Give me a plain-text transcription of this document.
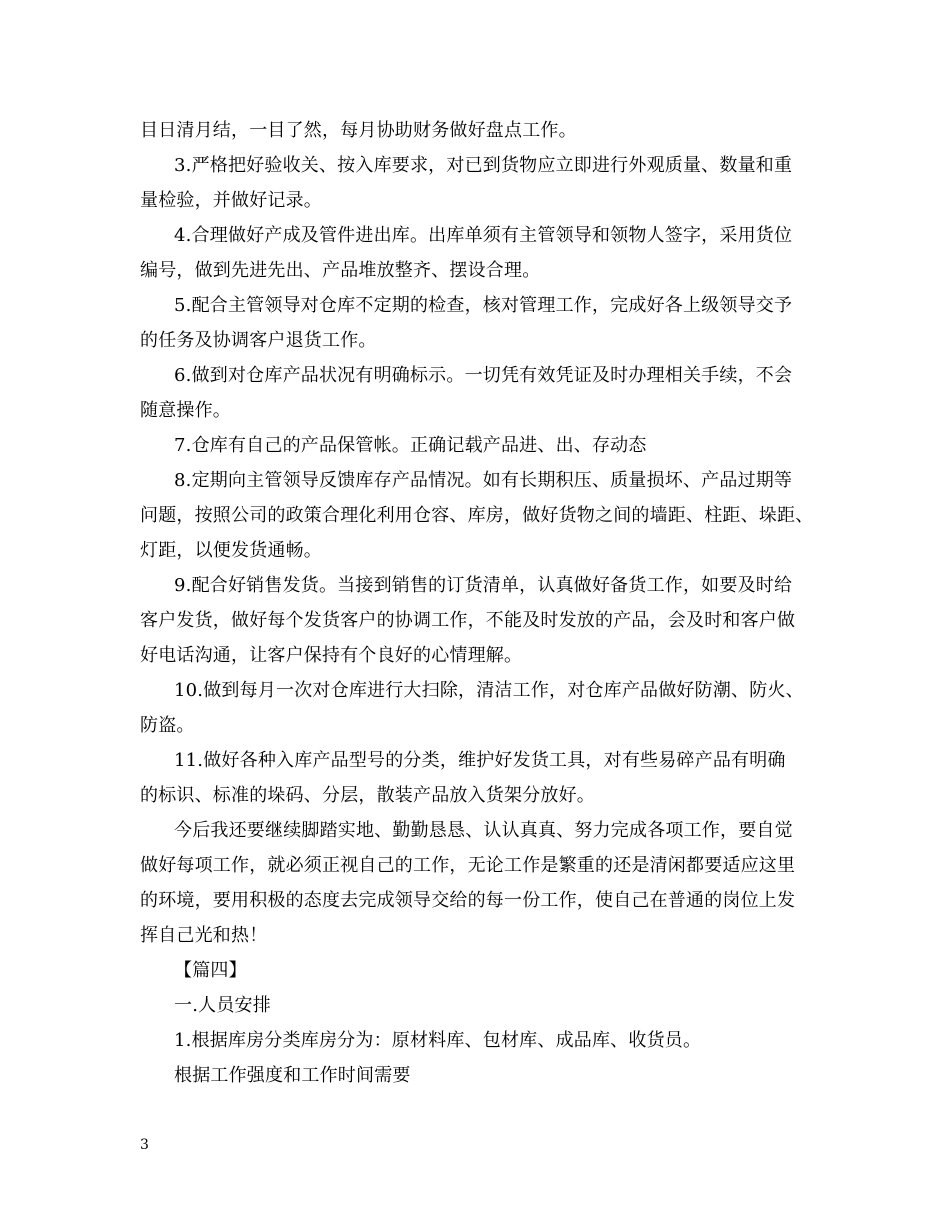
目日清月结，一目了然，每月协助财务做好盘点工作。
3.严格把好验收关、按入库要求，对已到货物应立即进行外观质量、数量和重
量检验，并做好记录。
4.合理做好产成及管件进出库。出库单须有主管领导和领物人签字，采用货位
编号，做到先进先出、产品堆放整齐、摆设合理。
5.配合主管领导对仓库不定期的检查，核对管理工作，完成好各上级领导交予
的任务及协调客户退货工作。
6.做到对仓库产品状况有明确标示。一切凭有效凭证及时办理相关手续，不会
随意操作。
7.仓库有自己的产品保管帐。正确记载产品进、出、存动态
8.定期向主管领导反馈库存产品情况。如有长期积压、质量损坏、产品过期等
问题，按照公司的政策合理化利用仓容、库房，做好货物之间的墙距、柱距、垛距、
灯距，以便发货通畅。
9.配合好销售发货。当接到销售的订货清单，认真做好备货工作，如要及时给
客户发货，做好每个发货客户的协调工作，不能及时发放的产品，会及时和客户做
好电话沟通，让客户保持有个良好的心情理解。
10.做到每月一次对仓库进行大扫除，清洁工作，对仓库产品做好防潮、防火、
防盗。
11.做好各种入库产品型号的分类，维护好发货工具，对有些易碎产品有明确
的标识、标准的垛码、分层，散装产品放入货架分放好。
今后我还要继续脚踏实地、勤勤恳恳、认认真真、努力完成各项工作，要自觉
做好每项工作，就必须正视自己的工作，无论工作是繁重的还是清闲都要适应这里
的环境，要用积极的态度去完成领导交给的每一份工作，使自己在普通的岗位上发
挥自己光和热！
【篇四】
一.人员安排
1.根据库房分类库房分为：原材料库、包材库、成品库、收货员。
根据工作强度和工作时间需要
3
